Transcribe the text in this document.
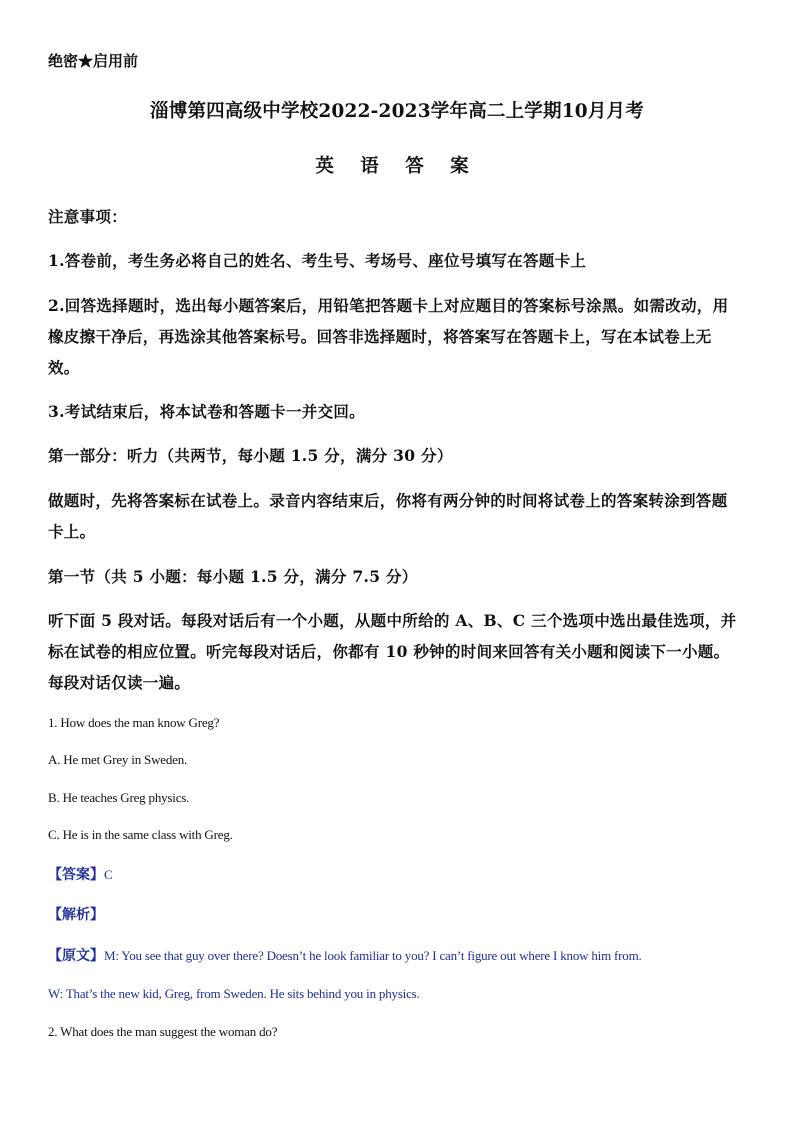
绝密★启用前
淄博第四高级中学校2022-2023学年高二上学期10月月考
英 语 答 案
注意事项：
1.答卷前，考生务必将自己的姓名、考生号、考场号、座位号填写在答题卡上
2.回答选择题时，选出每小题答案后，用铅笔把答题卡上对应题目的答案标号涂黑。如需改动，用
橡皮擦干净后，再选涂其他答案标号。回答非选择题时，将答案写在答题卡上，写在本试卷上无
效。
3.考试结束后，将本试卷和答题卡一并交回。
第一部分：听力（共两节，每小题 1.5 分，满分 30 分）
做题时，先将答案标在试卷上。录音内容结束后，你将有两分钟的时间将试卷上的答案转涂到答题
卡上。
第一节（共 5 小题：每小题 1.5 分，满分 7.5 分）
听下面 5 段对话。每段对话后有一个小题，从题中所给的 A、B、C 三个选项中选出最佳选项，并
标在试卷的相应位置。听完每段对话后，你都有 10 秒钟的时间来回答有关小题和阅读下一小题。
每段对话仅读一遍。
1. How does the man know Greg?
A. He met Grey in Sweden.
B. He teaches Greg physics.
C. He is in the same class with Greg.
【答案】C
【解析】
【原文】M: You see that guy over there? Doesn’t he look familiar to you? I can’t figure out where I know him from.
W: That’s the new kid, Greg, from Sweden. He sits behind you in physics.
2. What does the man suggest the woman do?
